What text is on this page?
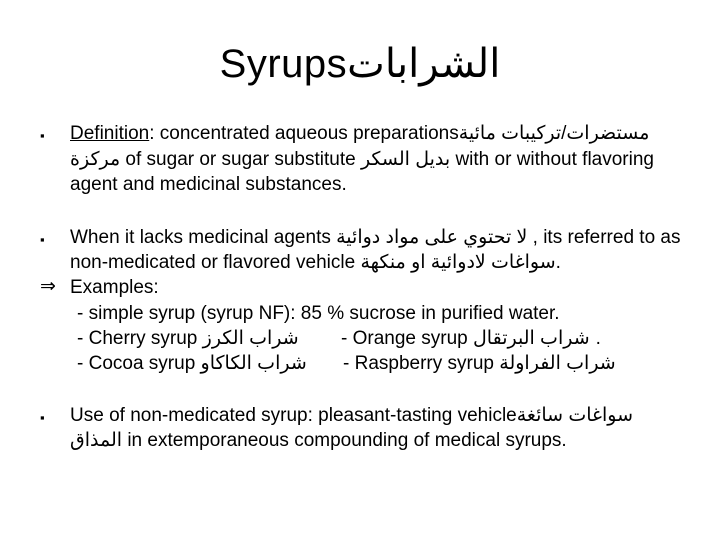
Syrupsالشرابات
▪ Definition: concentrated aqueous preparationsمستضرات/تركيبات مائية
مركزة of sugar or sugar substitute بديل السكر with or without flavoring
agent and medicinal substances.
▪ When it lacks medicinal agents لا تحتوي على مواد دوائية , its referred to as
non-medicated or flavored vehicle سواغات لادوائية او منكهة.
⇒ Examples:
- simple syrup (syrup NF): 85 % sucrose in purified water.
- Cherry syrup شراب الكرز - Orange syrup شراب البرتقال .
- Cocoa syrup شراب الكاكاو - Raspberry syrup شراب الفراولة
▪ Use of non-medicated syrup: pleasant-tasting vehicleسواغات سائغة
المذاق in extemporaneous compounding of medical syrups.
